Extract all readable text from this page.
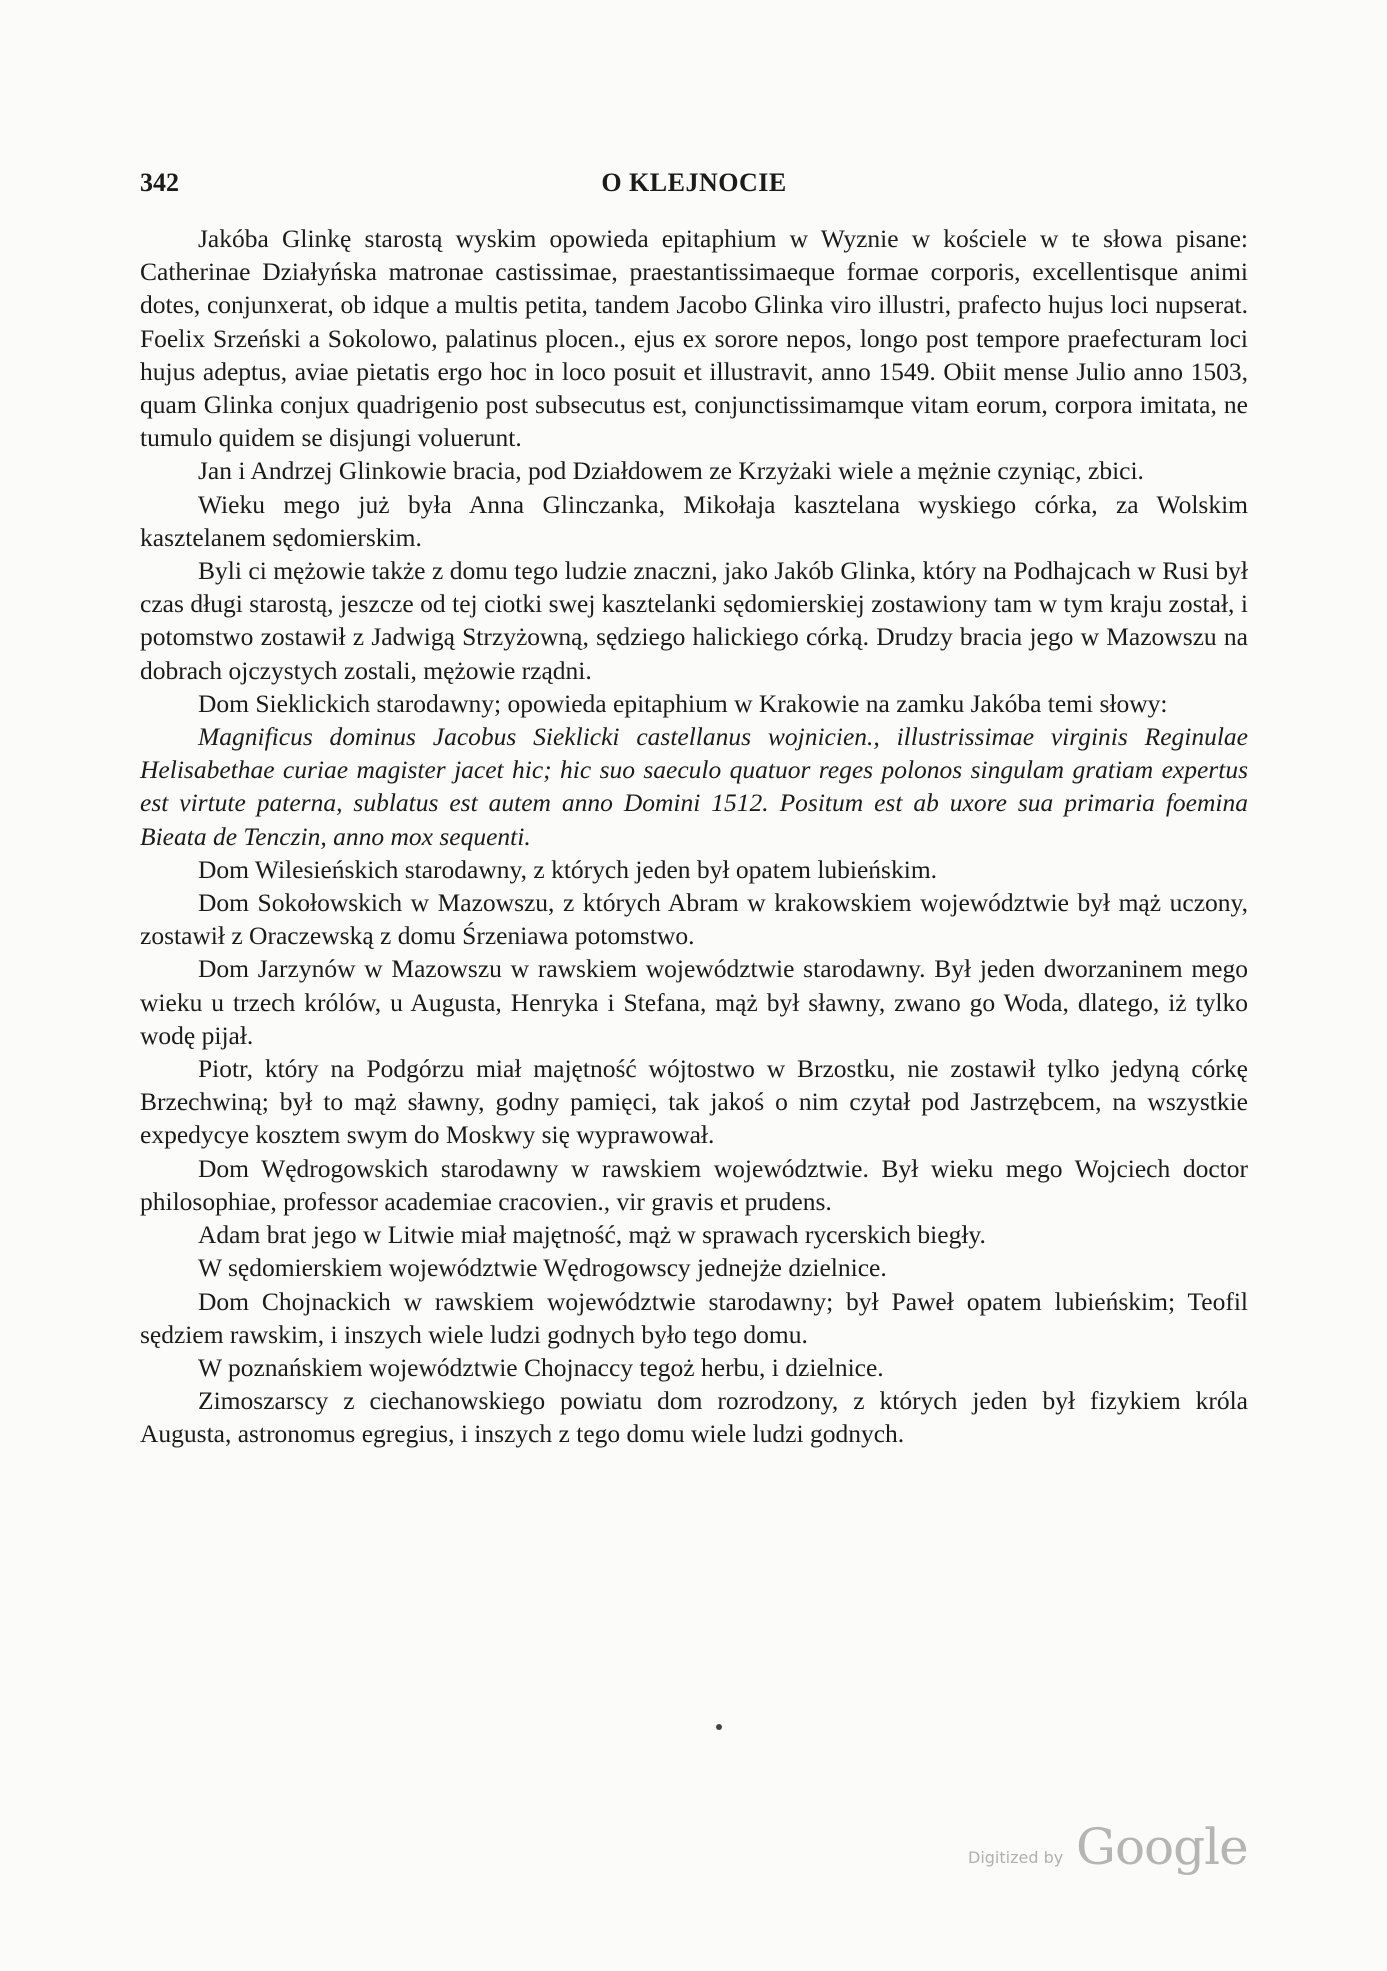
342	O KLEJNOCIE

Jakóba Glinkę starostą wyskim opowieda epitaphium w Wyznie w kościele w te słowa pisane: Catherinae Działyńska matronae castissimae, praestantissimaeque formae corporis, excellentisque animi dotes, conjunxerat, ob idque a multis petita, tandem Jacobo Glinka viro illustri, prafecto hujus loci nupserat. Foelix Srzeński a Sokolowo, palatinus plocen., ejus ex sorore nepos, longo post tempore praefecturam loci hujus adeptus, aviae pietatis ergo hoc in loco posuit et illustravit, anno 1549. Obiit mense Julio anno 1503, quam Glinka conjux quadrigenio post subsecutus est, conjunctissimamque vitam eorum, corpora imitata, ne tumulo quidem se disjungi voluerunt.

Jan i Andrzej Glinkowie bracia, pod Działdowem ze Krzyżaki wiele a mężnie czyniąc, zbici.

Wieku mego już była Anna Glinczanka, Mikołaja kasztelana wyskiego córka, za Wolskim kasztelanem sędomierskim.

Byli ci mężowie także z domu tego ludzie znaczni, jako Jakób Glinka, który na Podhajcach w Rusi był czas długi starostą, jeszcze od tej ciotki swej kasztelanki sędomierskiej zostawiony tam w tym kraju został, i potomstwo zostawił z Jadwigą Strzyżowną, sędziego halickiego córką. Drudzy bracia jego w Mazowszu na dobrach ojczystych zostali, mężowie rządni.

Dom Sieklickich starodawny; opowieda epitaphium w Krakowie na zamku Jakóba temi słowy:

Magnificus dominus Jacobus Sieklicki castellanus wojnicien., illustrissimae virginis Reginulae Helisabethae curiae magister jacet hic; hic suo saeculo quatuor reges polonos singulam gratiam expertus est virtute paterna, sublatus est autem anno Domini 1512. Positum est ab uxore sua primaria foemina Bieata de Tenczin, anno mox sequenti.

Dom Wilesieńskich starodawny, z których jeden był opatem lubieńskim.

Dom Sokołowskich w Mazowszu, z których Abram w krakowskiem województwie był mąż uczony, zostawił z Oraczewską z domu Śrzeniawa potomstwo.

Dom Jarzynów w Mazowszu w rawskiem województwie starodawny. Był jeden dworzaninem mego wieku u trzech królów, u Augusta, Henryka i Stefana, mąż był sławny, zwano go Woda, dlatego, iż tylko wodę pijał.

Piotr, który na Podgórzu miał majętność wójtostwo w Brzostku, nie zostawił tylko jedyną córkę Brzechwiną; był to mąż sławny, godny pamięci, tak jakoś o nim czytał pod Jastrzębcem, na wszystkie expedycye kosztem swym do Moskwy się wyprawował.

Dom Wędrogowskich starodawny w rawskiem województwie. Był wieku mego Wojciech doctor philosophiae, professor academiae cracovien., vir gravis et prudens.

Adam brat jego w Litwie miał majętność, mąż w sprawach rycerskich biegły.

W sędomierskiem województwie Wędrogowscy jednejże dzielnice.

Dom Chojnackich w rawskiem województwie starodawny; był Paweł opatem lubieńskim; Teofil sędziem rawskim, i inszych wiele ludzi godnych było tego domu.

W poznańskiem województwie Chojnaccy tegoż herbu, i dzielnice.

Zimoszarscy z ciechanowskiego powiatu dom rozrodzony, z których jeden był fizykiem króla Augusta, astronomus egregius, i inszych z tego domu wiele ludzi godnych.

Digitized by Google
